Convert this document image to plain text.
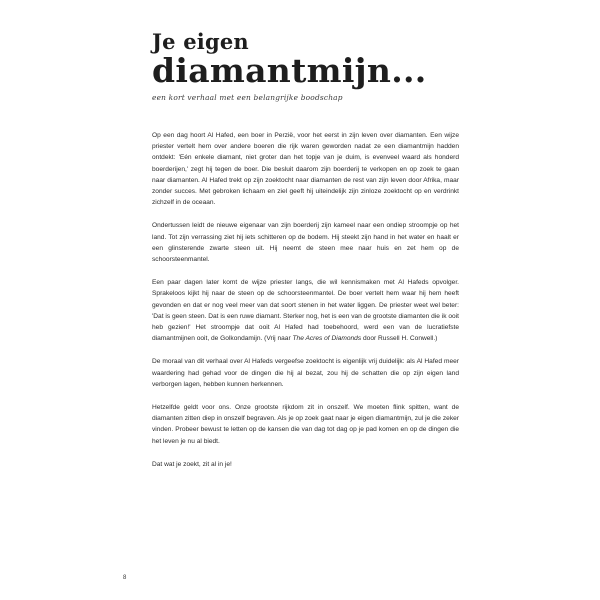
Je eigen
diamantmijn...
een kort verhaal met een belangrijke boodschap

Op een dag hoort Al Hafed, een boer in Perzië, voor het eerst in zijn leven over diamanten. Een wijze priester vertelt hem over andere boeren die rijk waren geworden nadat ze een diamantmijn hadden ontdekt: 'Eén enkele diamant, niet groter dan het topje van je duim, is evenveel waard als honderd boerderijen,' zegt hij tegen de boer. Die besluit daarom zijn boerderij te verkopen en op zoek te gaan naar diamanten. Al Hafed trekt op zijn zoektocht naar diamanten de rest van zijn leven door Afrika, maar zonder succes. Met gebroken lichaam en ziel geeft hij uiteindelijk zijn zinloze zoektocht op en verdrinkt zichzelf in de oceaan.

Ondertussen leidt de nieuwe eigenaar van zijn boerderij zijn kameel naar een ondiep stroompje op het land. Tot zijn verrassing ziet hij iets schitteren op de bodem. Hij steekt zijn hand in het water en haalt er een glinsterende zwarte steen uit. Hij neemt de steen mee naar huis en zet hem op de schoorsteenmantel.

Een paar dagen later komt de wijze priester langs, die wil kennismaken met Al Hafeds opvolger. Sprakeloos kijkt hij naar de steen op de schoorsteenmantel. De boer vertelt hem waar hij hem heeft gevonden en dat er nog veel meer van dat soort stenen in het water liggen. De priester weet wel beter: 'Dat is geen steen. Dat is een ruwe diamant. Sterker nog, het is een van de grootste diamanten die ik ooit heb gezien!' Het stroompje dat ooit Al Hafed had toebehoord, werd een van de lucratiefste diamantmijnen ooit, de Golkondamijn. (Vrij naar The Acres of Diamonds door Russell H. Conwell.)

De moraal van dit verhaal over Al Hafeds vergeefse zoektocht is eigenlijk vrij duidelijk: als Al Hafed meer waardering had gehad voor de dingen die hij al bezat, zou hij de schatten die op zijn eigen land verborgen lagen, hebben kunnen herkennen.

Hetzelfde geldt voor ons. Onze grootste rijkdom zit in onszelf. We moeten flink spitten, want de diamanten zitten diep in onszelf begraven. Als je op zoek gaat naar je eigen diamantmijn, zul je die zeker vinden. Probeer bewust te letten op de kansen die van dag tot dag op je pad komen en op de dingen die het leven je nu al biedt.

Dat wat je zoekt, zit al in je!

8
